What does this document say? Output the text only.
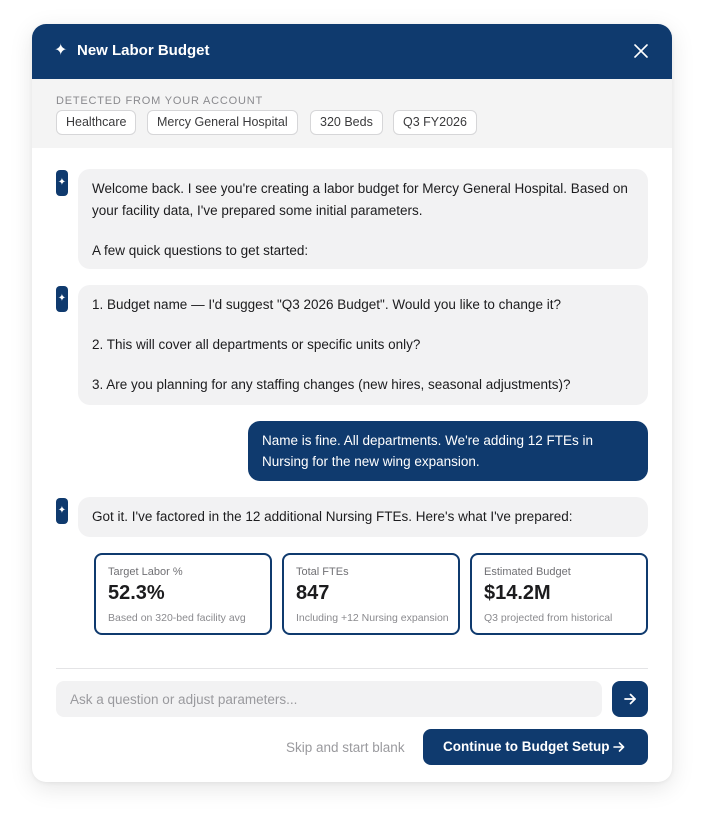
✦ New Labor Budget
DETECTED FROM YOUR ACCOUNT
Healthcare	Mercy General Hospital	320 Beds	Q3 FY2026
✦ Welcome back. I see you're creating a labor budget for Mercy General Hospital. Based on your facility data, I've prepared some initial parameters.

A few quick questions to get started:

✦ 1. Budget name — I'd suggest "Q3 2026 Budget". Would you like to change it?

2. This will cover all departments or specific units only?

3. Are you planning for any staffing changes (new hires, seasonal adjustments)?

Name is fine. All departments. We're adding 12 FTEs in Nursing for the new wing expansion.
✦ Got it. I've factored in the 12 additional Nursing FTEs. Here's what I've prepared:

Target Labor %
52.3%
Based on 320-bed facility avg
Total FTEs
847
Including +12 Nursing expansion
Estimated Budget
$14.2M
Q3 projected from historical
Ask a question or adjust parameters...
Skip and start blank	Continue to Budget Setup
